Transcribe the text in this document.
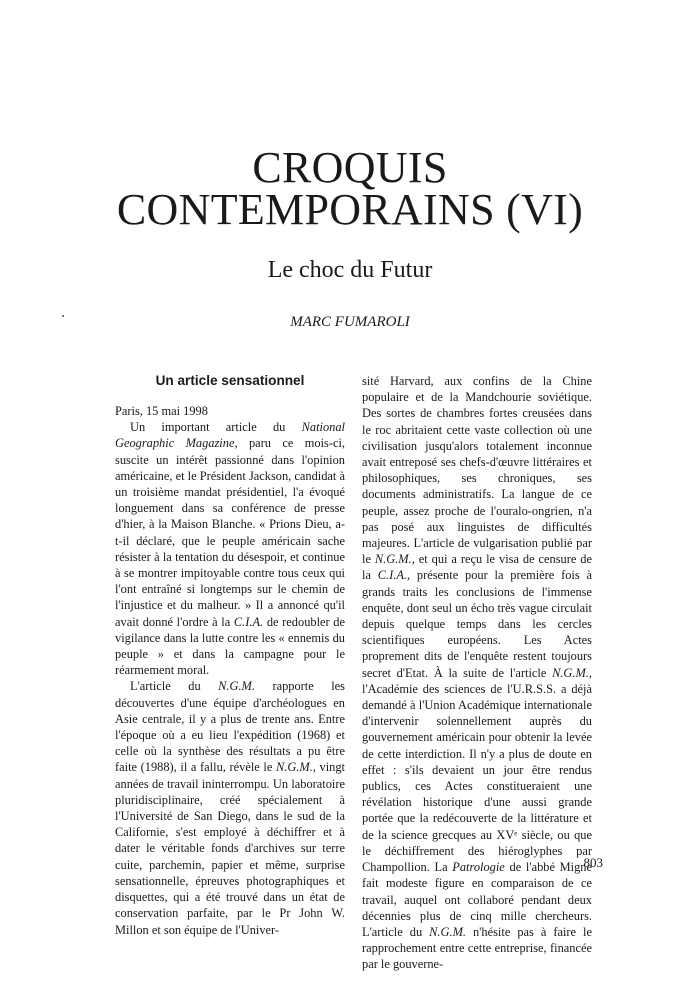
CROQUIS
CONTEMPORAINS (VI)
Le choc du Futur
MARC FUMAROLI
Un article sensationnel

Paris, 15 mai 1998

Un important article du National Geographic Magazine, paru ce mois-ci, suscite un intérêt passionné dans l'opinion américaine, et le Président Jackson, candidat à un troisième mandat présidentiel, l'a évoqué longuement dans sa conférence de presse d'hier, à la Maison Blanche. « Prions Dieu, a-t-il déclaré, que le peuple américain sache résister à la tentation du désespoir, et continue à se montrer impitoyable contre tous ceux qui l'ont entraîné si longtemps sur le chemin de l'injustice et du malheur. » Il a annoncé qu'il avait donné l'ordre à la C.I.A. de redoubler de vigilance dans la lutte contre les « ennemis du peuple » et dans la campagne pour le réarmement moral.

L'article du N.G.M. rapporte les découvertes d'une équipe d'archéologues en Asie centrale, il y a plus de trente ans. Entre l'époque où a eu lieu l'expédition (1968) et celle où la synthèse des résultats a pu être faite (1988), il a fallu, révèle le N.G.M., vingt années de travail ininterrompu. Un laboratoire pluridisciplinaire, créé spécialement à l'Université de San Diego, dans le sud de la Californie, s'est employé à déchiffrer et à dater le véritable fonds d'archives sur terre cuite, parchemin, papier et même, surprise sensationnelle, épreuves photographiques et disquettes, qui a été trouvé dans un état de conservation parfaite, par le Pr John W. Millon et son équipe de l'Univer-

sité Harvard, aux confins de la Chine populaire et de la Mandchourie soviétique. Des sortes de chambres fortes creusées dans le roc abritaient cette vaste collection où une civilisation jusqu'alors totalement inconnue avait entreposé ses chefs-d'œuvre littéraires et philosophiques, ses chroniques, ses documents administratifs. La langue de ce peuple, assez proche de l'ouralo-ongrien, n'a pas posé aux linguistes de difficultés majeures. L'article de vulgarisation publié par le N.G.M., et qui a reçu le visa de censure de la C.I.A., présente pour la première fois à grands traits les conclusions de l'immense enquête, dont seul un écho très vague circulait depuis quelque temps dans les cercles scientifiques européens. Les Actes proprement dits de l'enquête restent toujours secret d'Etat. À la suite de l'article N.G.M., l'Académie des sciences de l'U.R.S.S. a déjà demandé à l'Union Académique internationale d'intervenir solennellement auprès du gouvernement américain pour obtenir la levée de cette interdiction. Il n'y a plus de doute en effet : s'ils devaient un jour être rendus publics, ces Actes constitueraient une révélation historique d'une aussi grande portée que la redécouverte de la littérature et de la science grecques au XVᵉ siècle, ou que le déchiffrement des hiéroglyphes par Champollion. La Patrologie de l'abbé Migne fait modeste figure en comparaison de ce travail, auquel ont collaboré pendant deux décennies plus de cinq mille chercheurs. L'article du N.G.M. n'hésite pas à faire le rapprochement entre cette entreprise, financée par le gouverne-

803
